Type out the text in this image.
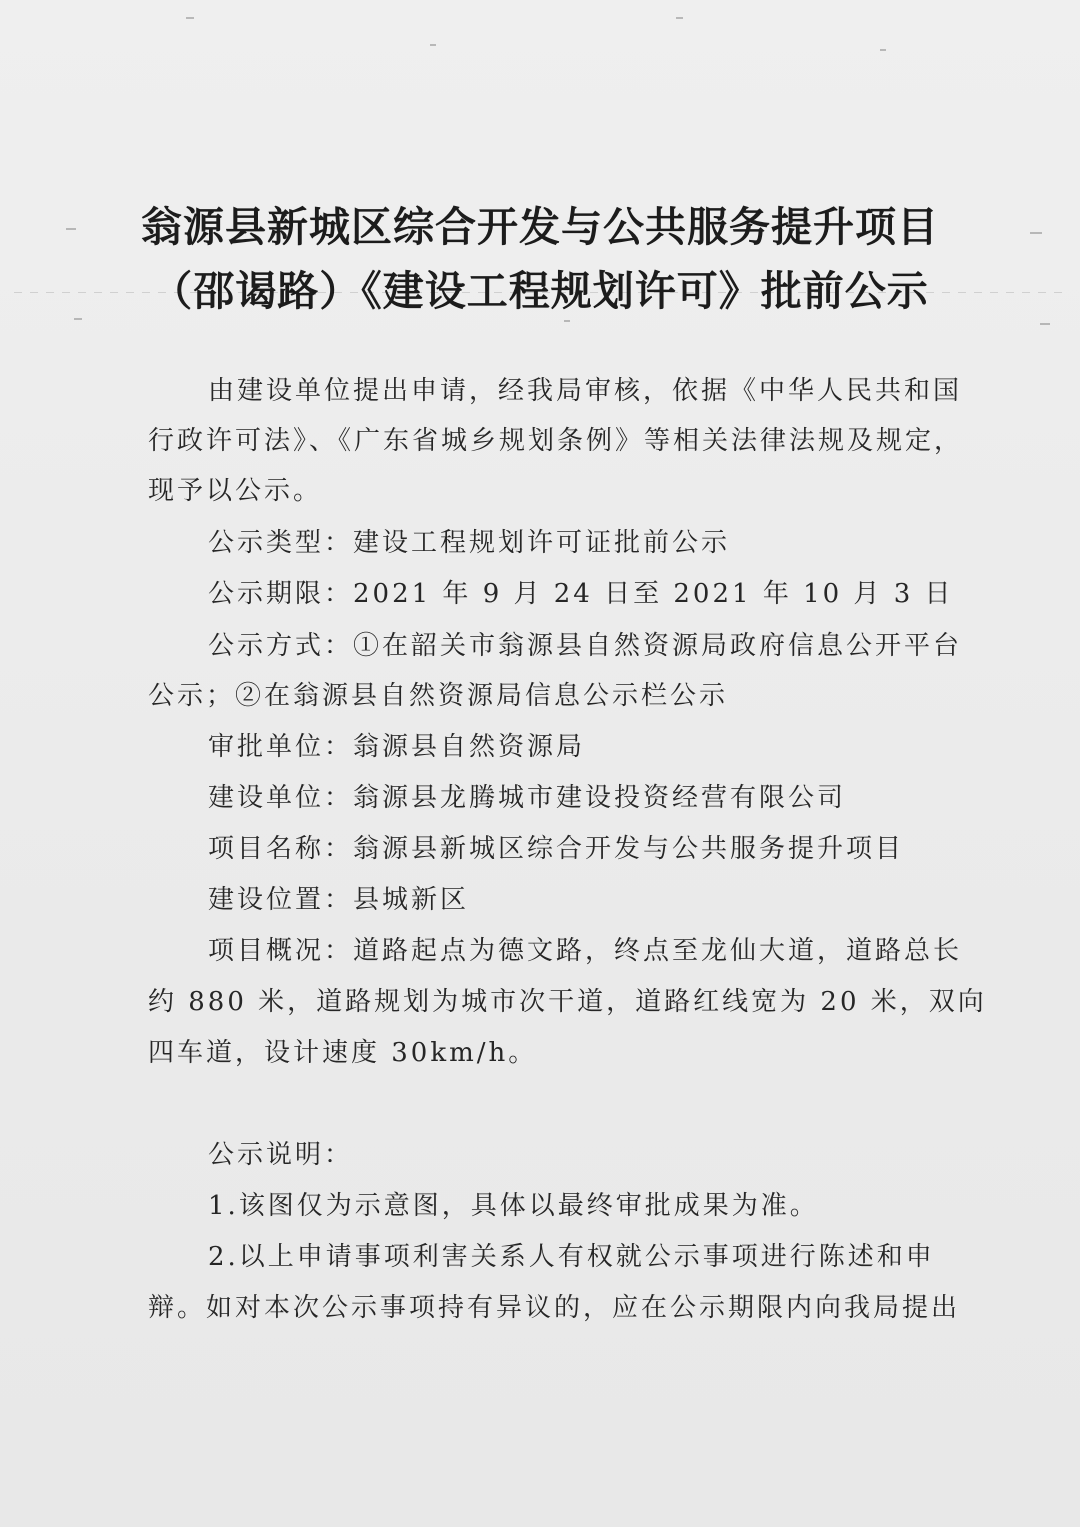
翁源县新城区综合开发与公共服务提升项目
（邵谒路）《建设工程规划许可》批前公示
由建设单位提出申请，经我局审核，依据《中华人民共和国
行政许可法》、《广东省城乡规划条例》等相关法律法规及规定，
现予以公示。
公示类型：建设工程规划许可证批前公示
公示期限：2021 年 9 月 24 日至 2021 年 10 月 3 日
公示方式：①在韶关市翁源县自然资源局政府信息公开平台
公示；②在翁源县自然资源局信息公示栏公示
审批单位：翁源县自然资源局
建设单位：翁源县龙腾城市建设投资经营有限公司
项目名称：翁源县新城区综合开发与公共服务提升项目
建设位置：县城新区
项目概况：道路起点为德文路，终点至龙仙大道，道路总长
约 880 米，道路规划为城市次干道，道路红线宽为 20 米，双向
四车道，设计速度 30km/h。
公示说明：
1.该图仅为示意图，具体以最终审批成果为准。
2.以上申请事项利害关系人有权就公示事项进行陈述和申
辩。如对本次公示事项持有异议的，应在公示期限内向我局提出
